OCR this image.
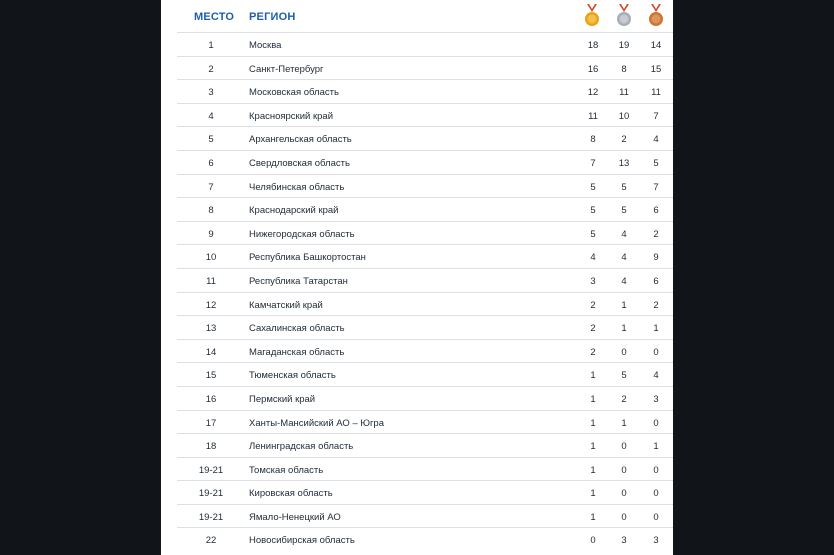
МЕСТО РЕГИОН
1	Москва	18	19	14
2	Санкт-Петербург	16	8	15
3	Московская область	12	11	11
4	Красноярский край	11	10	7
5	Архангельская область	8	2	4
6	Свердловская область	7	13	5
7	Челябинская область	5	5	7
8	Краснодарский край	5	5	6
9	Нижегородская область	5	4	2
10	Республика Башкортостан	4	4	9
11	Республика Татарстан	3	4	6
12	Камчатский край	2	1	2
13	Сахалинская область	2	1	1
14	Магаданская область	2	0	0
15	Тюменская область	1	5	4
16	Пермский край	1	2	3
17	Ханты-Мансийский АО – Югра	1	1	0
18	Ленинградская область	1	0	1
19-21	Томская область	1	0	0
19-21	Кировская область	1	0	0
19-21	Ямало-Ненецкий АО	1	0	0
22	Новосибирская область	0	3	3
